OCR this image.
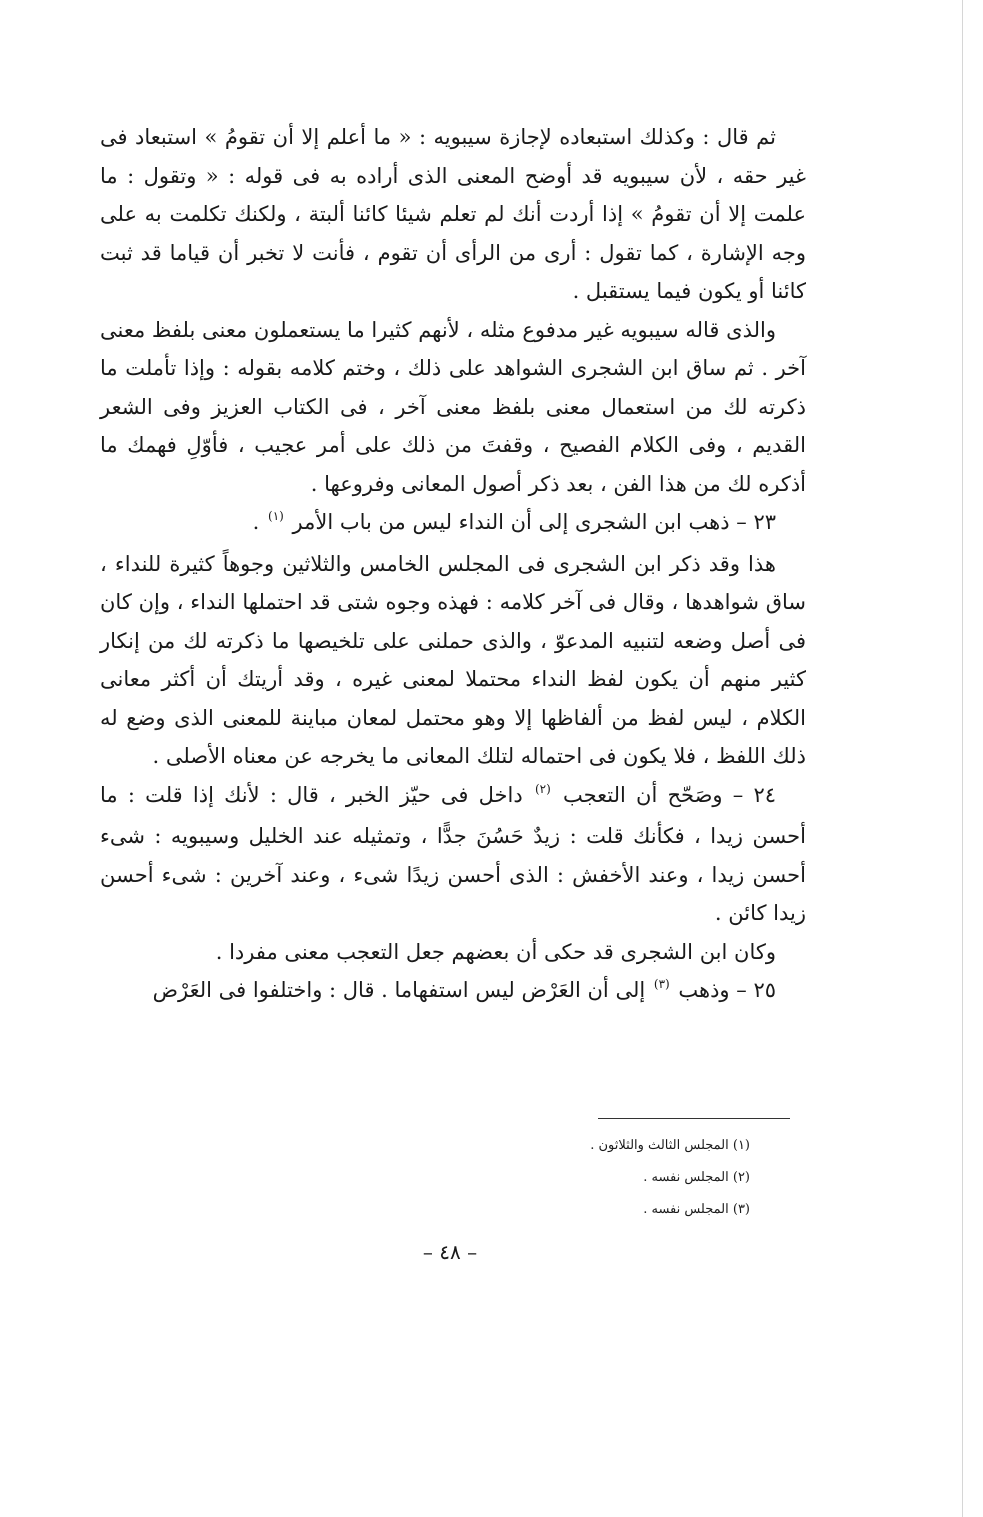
ثم قال : وكذلك استبعاده لإجازة سيبويه : « ما أعلم إلا أن تقومُ » استبعاد فى غير حقه ، لأن سيبويه قد أوضح المعنى الذى أراده به فى قوله : « وتقول : ما علمت إلا أن تقومُ » إذا أردت أنك لم تعلم شيئا كائنا ألبتة ، ولكنك تكلمت به على وجه الإشارة ، كما تقول : أرى من الرأى أن تقوم ، فأنت لا تخبر أن قياما قد ثبت كائنا أو يكون فيما يستقبل .

والذى قاله سيبويه غير مدفوع مثله ، لأنهم كثيرا ما يستعملون معنى بلفظ معنى آخر . ثم ساق ابن الشجرى الشواهد على ذلك ، وختم كلامه بقوله : وإذا تأملت ما ذكرته لك من استعمال معنى بلفظ معنى آخر ، فى الكتاب العزيز وفى الشعر القديم ، وفى الكلام الفصيح ، وقفتَ من ذلك على أمر عجيب ، فأوّلِ فهمك ما أذكره لك من هذا الفن ، بعد ذكر أصول المعانى وفروعها .

٢٣ – ذهب ابن الشجرى إلى أن النداء ليس من باب الأمر $^{(١)}$ .

هذا وقد ذكر ابن الشجرى فى المجلس الخامس والثلاثين وجوهاً كثيرة للنداء ، ساق شواهدها ، وقال فى آخر كلامه : فهذه وجوه شتى قد احتملها النداء ، وإن كان فى أصل وضعه لتنبيه المدعوّ ، والذى حملنى على تلخيصها ما ذكرته لك من إنكار كثير منهم أن يكون لفظ النداء محتملا لمعنى غيره ، وقد أريتك أن أكثر معانى الكلام ، ليس لفظ من ألفاظها إلا وهو محتمل لمعان مباينة للمعنى الذى وضع له ذلك اللفظ ، فلا يكون فى احتماله لتلك المعانى ما يخرجه عن معناه الأصلى .

٢٤ – وصَحّح أن التعجب $^{(٢)}$ داخل فى حيّز الخبر ، قال : لأنك إذا قلت : ما أحسن زيدا ، فكأنك قلت : زيدٌ حَسُنَ جدًّا ، وتمثيله عند الخليل وسيبويه : شىء أحسن زيدا ، وعند الأخفش : الذى أحسن زيدًا شىء ، وعند آخرين : شىء أحسن زيدا كائن .

وكان ابن الشجرى قد حكى أن بعضهم جعل التعجب معنى مفردا .

٢٥ – وذهب $^{(٣)}$ إلى أن العَرْض ليس استفهاما . قال : واختلفوا فى العَرْض

(١) المجلس الثالث والثلاثون .

(٢) المجلس نفسه .

(٣) المجلس نفسه .

– ٤٨ –
